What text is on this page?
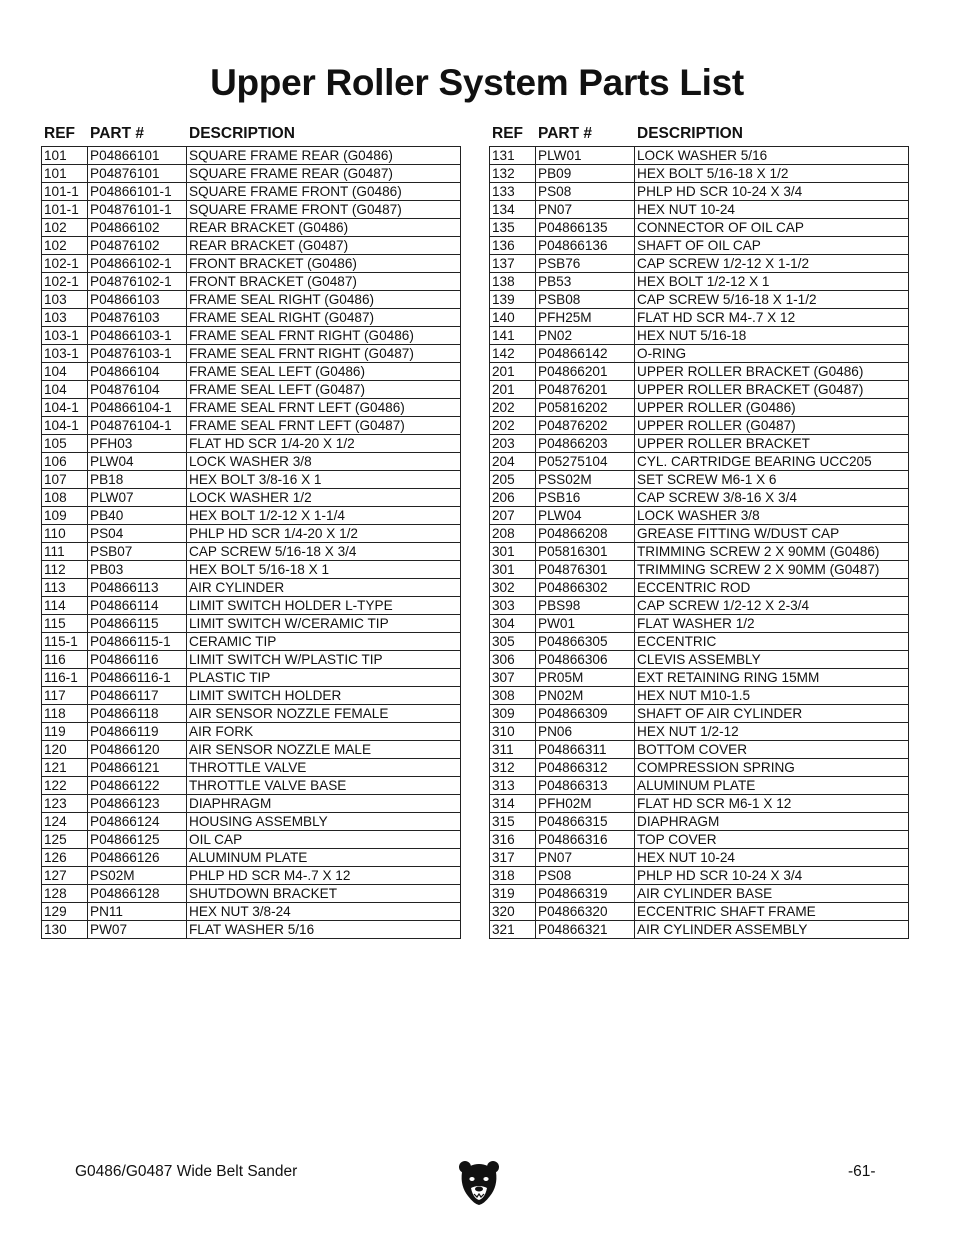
Upper Roller System Parts List
REF PART #	DESCRIPTION
101	P04866101	SQUARE FRAME REAR (G0486)
101	P04876101	SQUARE FRAME REAR (G0487)
101-1	P04866101-1	SQUARE FRAME FRONT (G0486)
101-1	P04876101-1	SQUARE FRAME FRONT (G0487)
102	P04866102	REAR BRACKET (G0486)
102	P04876102	REAR BRACKET (G0487)
102-1	P04866102-1	FRONT BRACKET (G0486)
102-1	P04876102-1	FRONT BRACKET (G0487)
103	P04866103	FRAME SEAL RIGHT (G0486)
103	P04876103	FRAME SEAL RIGHT (G0487)
103-1	P04866103-1	FRAME SEAL FRNT RIGHT (G0486)
103-1	P04876103-1	FRAME SEAL FRNT RIGHT (G0487)
104	P04866104	FRAME SEAL LEFT (G0486)
104	P04876104	FRAME SEAL LEFT (G0487)
104-1	P04866104-1	FRAME SEAL FRNT LEFT (G0486)
104-1	P04876104-1	FRAME SEAL FRNT LEFT (G0487)
105	PFH03	FLAT HD SCR 1/4-20 X 1/2
106	PLW04	LOCK WASHER 3/8
107	PB18	HEX BOLT 3/8-16 X 1
108	PLW07	LOCK WASHER 1/2
109	PB40	HEX BOLT 1/2-12 X 1-1/4
110	PS04	PHLP HD SCR 1/4-20 X 1/2
111	PSB07	CAP SCREW 5/16-18 X 3/4
112	PB03	HEX BOLT 5/16-18 X 1
113	P04866113	AIR CYLINDER
114	P04866114	LIMIT SWITCH HOLDER L-TYPE
115	P04866115	LIMIT SWITCH W/CERAMIC TIP
115-1	P04866115-1	CERAMIC TIP
116	P04866116	LIMIT SWITCH W/PLASTIC TIP
116-1	P04866116-1	PLASTIC TIP
117	P04866117	LIMIT SWITCH HOLDER
118	P04866118	AIR SENSOR NOZZLE FEMALE
119	P04866119	AIR FORK
120	P04866120	AIR SENSOR NOZZLE MALE
121	P04866121	THROTTLE VALVE
122	P04866122	THROTTLE VALVE BASE
123	P04866123	DIAPHRAGM
124	P04866124	HOUSING ASSEMBLY
125	P04866125	OIL CAP
126	P04866126	ALUMINUM PLATE
127	PS02M	PHLP HD SCR M4-.7 X 12
128	P04866128	SHUTDOWN BRACKET
129	PN11	HEX NUT 3/8-24
130	PW07	FLAT WASHER 5/16
REF PART #	DESCRIPTION
131	PLW01	LOCK WASHER 5/16
132	PB09	HEX BOLT 5/16-18 X 1/2
133	PS08	PHLP HD SCR 10-24 X 3/4
134	PN07	HEX NUT 10-24
135	P04866135	CONNECTOR OF OIL CAP
136	P04866136	SHAFT OF OIL CAP
137	PSB76	CAP SCREW 1/2-12 X 1-1/2
138	PB53	HEX BOLT 1/2-12 X 1
139	PSB08	CAP SCREW 5/16-18 X 1-1/2
140	PFH25M	FLAT HD SCR M4-.7 X 12
141	PN02	HEX NUT 5/16-18
142	P04866142	O-RING
201	P04866201	UPPER ROLLER BRACKET (G0486)
201	P04876201	UPPER ROLLER BRACKET (G0487)
202	P05816202	UPPER ROLLER (G0486)
202	P04876202	UPPER ROLLER (G0487)
203	P04866203	UPPER ROLLER BRACKET
204	P05275104	CYL. CARTRIDGE BEARING UCC205
205	PSS02M	SET SCREW M6-1 X 6
206	PSB16	CAP SCREW 3/8-16 X 3/4
207	PLW04	LOCK WASHER 3/8
208	P04866208	GREASE FITTING W/DUST CAP
301	P05816301	TRIMMING SCREW 2 X 90MM (G0486)
301	P04876301	TRIMMING SCREW 2 X 90MM (G0487)
302	P04866302	ECCENTRIC ROD
303	PBS98	CAP SCREW 1/2-12 X 2-3/4
304	PW01	FLAT WASHER 1/2
305	P04866305	ECCENTRIC
306	P04866306	CLEVIS ASSEMBLY
307	PR05M	EXT RETAINING RING 15MM
308	PN02M	HEX NUT M10-1.5
309	P04866309	SHAFT OF AIR CYLINDER
310	PN06	HEX NUT 1/2-12
311	P04866311	BOTTOM COVER
312	P04866312	COMPRESSION SPRING
313	P04866313	ALUMINUM PLATE
314	PFH02M	FLAT HD SCR M6-1 X 12
315	P04866315	DIAPHRAGM
316	P04866316	TOP COVER
317	PN07	HEX NUT 10-24
318	PS08	PHLP HD SCR 10-24 X 3/4
319	P04866319	AIR CYLINDER BASE
320	P04866320	ECCENTRIC SHAFT FRAME
321	P04866321	AIR CYLINDER ASSEMBLY
G0486/G0487 Wide Belt Sander	-61-
